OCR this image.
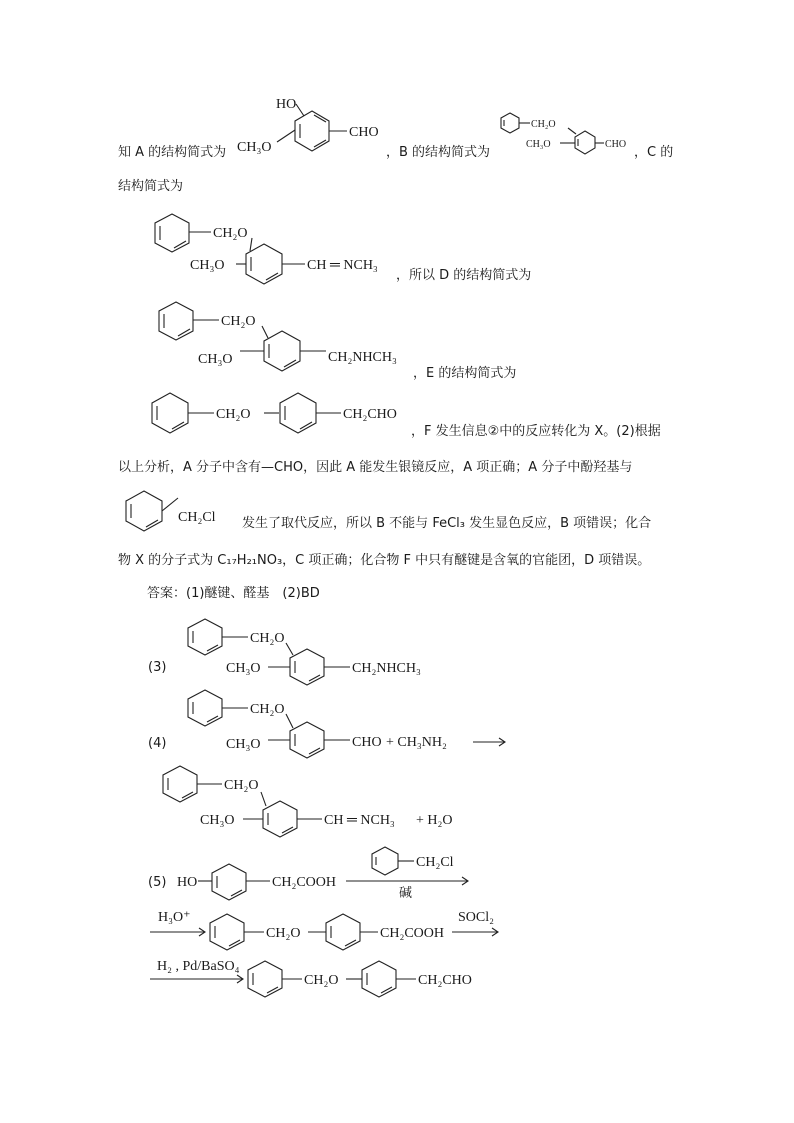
知 A 的结构简式为
HO
CH₃O
CHO
，B 的结构简式为
CH₂O
CH₃O	CHO
，C 的
结构简式为
CH₂O
CH₃O	CH ═ NCH₃
，所以 D 的结构简式为
CH₂O
CH₃O	CH₂NHCH₃
，E 的结构简式为
CH₂O	CH₂CHO
，F 发生信息②中的反应转化为 X。(2)根据
以上分析，A 分子中含有—CHO，因此 A 能发生银镜反应，A 项正确；A 分子中酚羟基与
CH₂Cl 发生了取代反应，所以 B 不能与 FeCl₃ 发生显色反应，B 项错误；化合
物 X 的分子式为 C₁₇H₂₁NO₃，C 项正确；化合物 F 中只有醚键是含氧的官能团，D 项错误。
答案：(1)醚键、醛基　(2)BD
(3)
CH₂O
CH₃O	CH₂NHCH₃
(4)
CH₂O
CH₃O	CHO + CH₃NH₂
CH₂O
CH₃O	CH ═ NCH₃ + H₂O
(5) HO	CH₂COOH
CH₂Cl
碱
H₃O⁺
CH₂O	CH₂COOH
SOCl₂
H₂ , Pd/BaSO₄
CH₂O	CH₂CHO
